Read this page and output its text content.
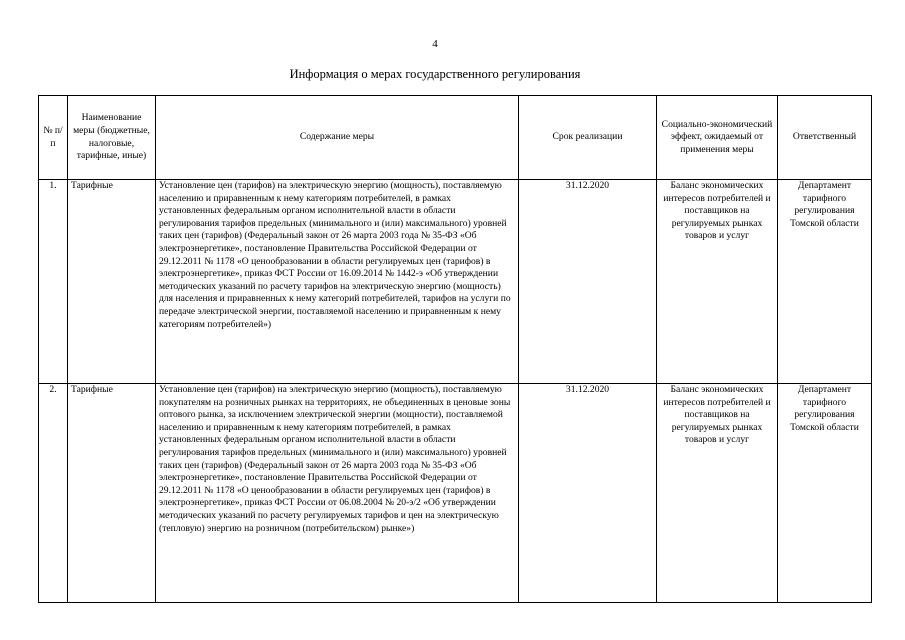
4
Информация о мерах государственного регулирования
№ п/п	Наименование меры (бюджетные, налоговые, тарифные, иные)	Содержание меры	Срок реализации	Социально-экономический эффект, ожидаемый от применения меры	Ответственный
1.	Тарифные	Установление цен (тарифов) на электрическую энергию (мощность), поставляемую населению и приравненным к нему категориям потребителей, в рамках установленных федеральным органом исполнительной власти в области регулирования тарифов предельных (минимального и (или) максимального) уровней таких цен (тарифов) (Федеральный закон от 26 марта 2003 года № 35-ФЗ «Об электроэнергетике», постановление Правительства Российской Федерации от 29.12.2011 № 1178 «О ценообразовании в области регулируемых цен (тарифов) в электроэнергетике», приказ ФСТ России от 16.09.2014 № 1442-э «Об утверждении методических указаний по расчету тарифов на электрическую энергию (мощность) для населения и приравненных к нему категорий потребителей, тарифов на услуги по передаче электрической энергии, поставляемой населению и приравненным к нему категориям потребителей»)	31.12.2020	Баланс экономических интересов потребителей и поставщиков на регулируемых рынках товаров и услуг	Департамент тарифного регулирования Томской области
2.	Тарифные	Установление цен (тарифов) на электрическую энергию (мощность), поставляемую покупателям на розничных рынках на территориях, не объединенных в ценовые зоны оптового рынка, за исключением электрической энергии (мощности), поставляемой населению и приравненным к нему категориям потребителей, в рамках установленных федеральным органом исполнительной власти в области регулирования тарифов предельных (минимального и (или) максимального) уровней таких цен (тарифов) (Федеральный закон от 26 марта 2003 года № 35-ФЗ «Об электроэнергетике», постановление Правительства Российской Федерации от 29.12.2011 № 1178 «О ценообразовании в области регулируемых цен (тарифов) в электроэнергетике», приказ ФСТ России от 06.08.2004 № 20-э/2 «Об утверждении методических указаний по расчету регулируемых тарифов и цен на электрическую (тепловую) энергию на розничном (потребительском) рынке»)	31.12.2020	Баланс экономических интересов потребителей и поставщиков на регулируемых рынках товаров и услуг	Департамент тарифного регулирования Томской области
